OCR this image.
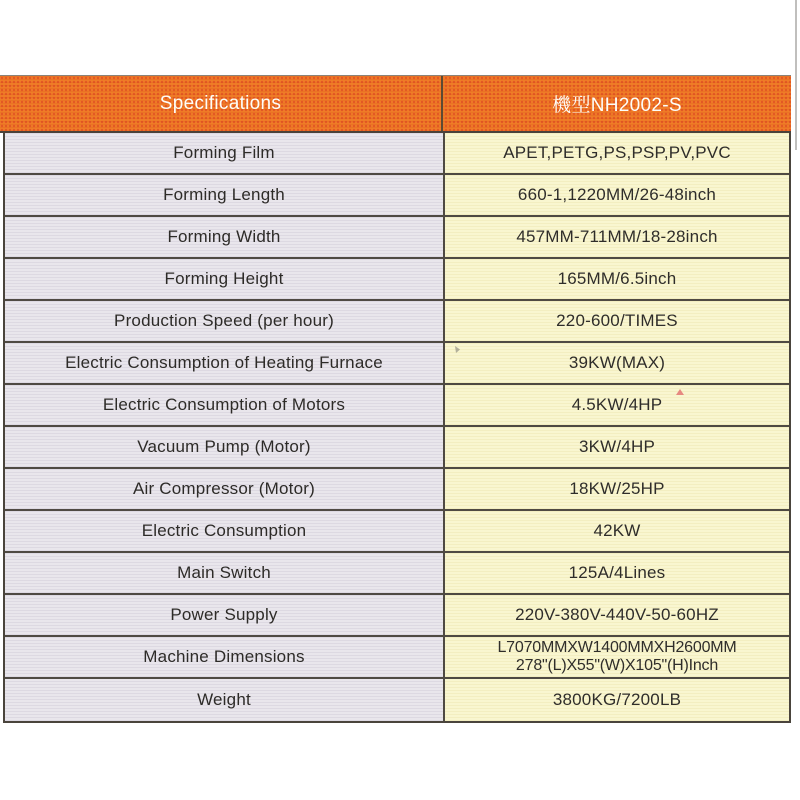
Specifications	機型NH2002-S
Forming Film	APET,PETG,PS,PSP,PV,PVC
Forming Length	660-1,1220MM/26-48inch
Forming Width	457MM-711MM/18-28inch
Forming Height	165MM/6.5inch
Production Speed (per hour)	220-600/TIMES
Electric Consumption of Heating Furnace	39KW(MAX)
Electric Consumption of Motors	4.5KW/4HP
Vacuum Pump (Motor)	3KW/4HP
Air Compressor (Motor)	18KW/25HP
Electric Consumption	42KW
Main Switch	125A/4Lines
Power Supply	220V-380V-440V-50-60HZ
Machine Dimensions	L7070MMXW1400MMXH2600MM
278"(L)X55"(W)X105"(H)Inch
Weight	3800KG/7200LB
